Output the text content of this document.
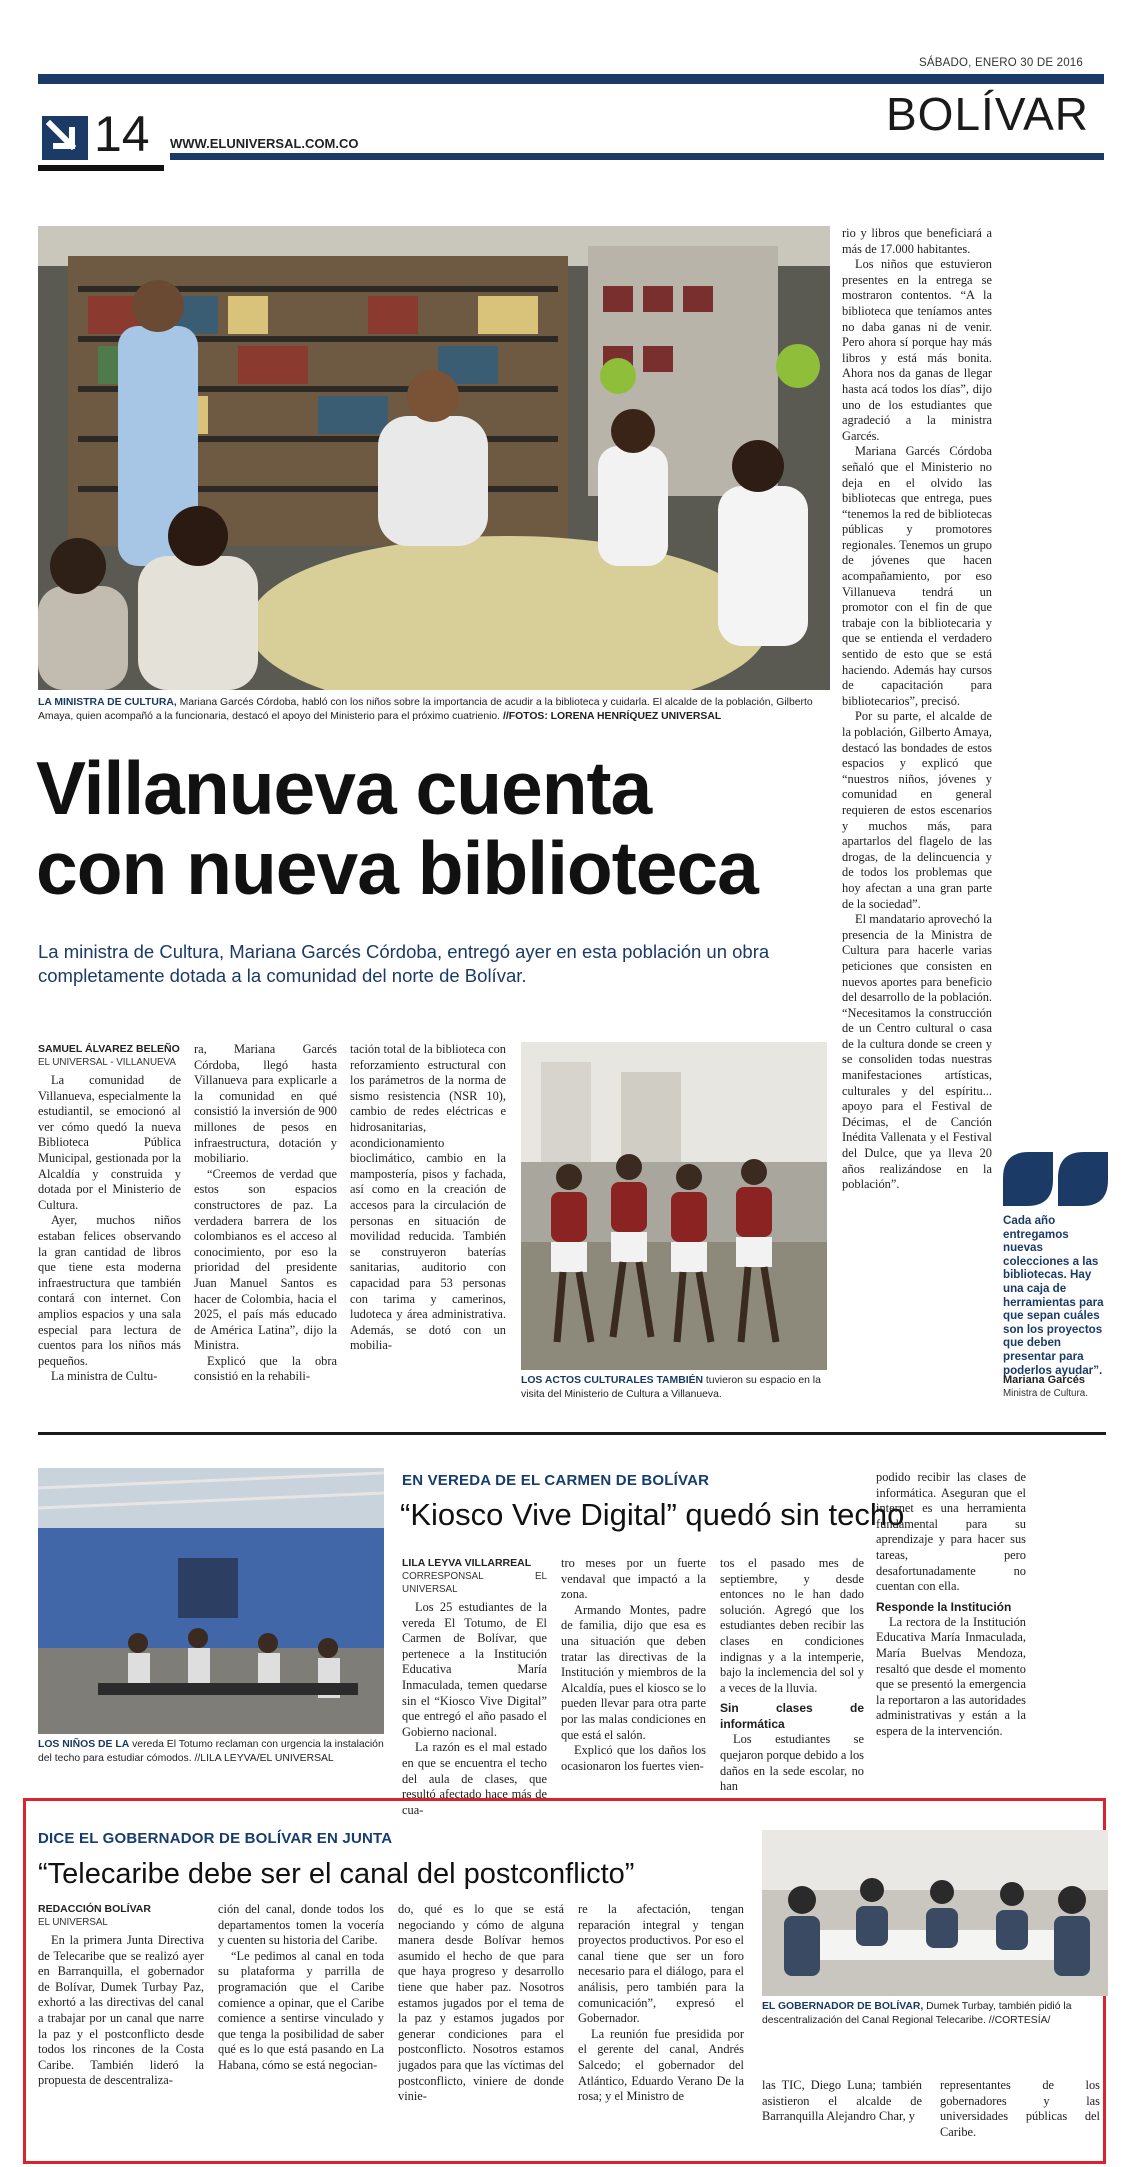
SÁBADO, ENERO 30 DE 2016
14 WWW.ELUNIVERSAL.COM.CO
BOLÍVAR
LA MINISTRA DE CULTURA, Mariana Garcés Córdoba, habló con los niños sobre la importancia de acudir a la biblioteca y cuidarla. El alcalde de la población, Gilberto Amaya, quien acompañó a la funcionaria, destacó el apoyo del Ministerio para el próximo cuatrienio. //FOTOS: LORENA HENRÍQUEZ UNIVERSAL
Villanueva cuenta
con nueva biblioteca
La ministra de Cultura, Mariana Garcés Córdoba, entregó ayer en esta población un obra completamente dotada a la comunidad del norte de Bolívar.
SAMUEL ÁLVAREZ BELEÑO
EL UNIVERSAL - VILLANUEVA

La comunidad de Villanueva, especialmente la estudiantil, se emocionó al ver cómo quedó la nueva Biblioteca Pública Municipal, gestionada por la Alcaldía y construida y dotada por el Ministerio de Cultura.

Ayer, muchos niños estaban felices observando la gran cantidad de libros que tiene esta moderna infraestructura que también contará con internet. Con amplios espacios y una sala especial para lectura de cuentos para los niños más pequeños.

La ministra de Cultu-

ra, Mariana Garcés Córdoba, llegó hasta Villanueva para explicarle a la comunidad en qué consistió la inversión de 900 millones de pesos en infraestructura, dotación y mobiliario.

“Creemos de verdad que estos son espacios constructores de paz. La verdadera barrera de los colombianos es el acceso al conocimiento, por eso la prioridad del presidente Juan Manuel Santos es hacer de Colombia, hacia el 2025, el país más educado de América Latina”, dijo la Ministra.

Explicó que la obra consistió en la rehabili-

tación total de la biblioteca con reforzamiento estructural con los parámetros de la norma de sismo resistencia (NSR 10), cambio de redes eléctricas e hidrosanitarias, acondicionamiento bioclimático, cambio en la mampostería, pisos y fachada, así como en la creación de accesos para la circulación de personas en situación de movilidad reducida. También se construyeron baterías sanitarias, auditorio con capacidad para 53 personas con tarima y camerinos, ludoteca y área administrativa. Además, se dotó con un mobilia-

LOS ACTOS CULTURALES TAMBIÉN tuvieron su espacio en la visita del Ministerio de Cultura a Villanueva.

rio y libros que beneficiará a más de 17.000 habitantes.

Los niños que estuvieron presentes en la entrega se mostraron contentos. “A la biblioteca que teníamos antes no daba ganas ni de venir. Pero ahora sí porque hay más libros y está más bonita. Ahora nos da ganas de llegar hasta acá todos los días”, dijo uno de los estudiantes que agradeció a la ministra Garcés.

Mariana Garcés Córdoba señaló que el Ministerio no deja en el olvido las bibliotecas que entrega, pues “tenemos la red de bibliotecas públicas y promotores regionales. Tenemos un grupo de jóvenes que hacen acompañamiento, por eso Villanueva tendrá un promotor con el fin de que trabaje con la bibliotecaria y que se entienda el verdadero sentido de esto que se está haciendo. Además hay cursos de capacitación para bibliotecarios”, precisó.

Por su parte, el alcalde de la población, Gilberto Amaya, destacó las bondades de estos espacios y explicó que “nuestros niños, jóvenes y comunidad en general requieren de estos escenarios y muchos más, para apartarlos del flagelo de las drogas, de la delincuencia y de todos los problemas que hoy afectan a una gran parte de la sociedad”.

El mandatario aprovechó la presencia de la Ministra de Cultura para hacerle varias peticiones que consisten en nuevos aportes para beneficio del desarrollo de la población. “Necesitamos la construcción de un Centro cultural o casa de la cultura donde se creen y se consoliden todas nuestras manifestaciones artísticas, culturales y del espíritu... apoyo para el Festival de Décimas, el de Canción Inédita Vallenata y el Festival del Dulce, que ya lleva 20 años realizándose en la población”.

Cada año entregamos nuevas colecciones a las bibliotecas. Hay una caja de herramientas para que sepan cuáles son los proyectos que deben presentar para poderlos ayudar”.
Mariana Garcés
Ministra de Cultura.
LOS NIÑOS DE LA vereda El Totumo reclaman con urgencia la instalación del techo para estudiar cómodos. //LILA LEYVA/EL UNIVERSAL
EN VEREDA DE EL CARMEN DE BOLÍVAR
“Kiosco Vive Digital” quedó sin techo
LILA LEYVA VILLARREAL
CORRESPONSAL EL UNIVERSAL

Los 25 estudiantes de la vereda El Totumo, de El Carmen de Bolívar, que pertenece a la Institución Educativa María Inmaculada, temen quedarse sin el “Kiosco Vive Digital” que entregó el año pasado el Gobierno nacional.

La razón es el mal estado en que se encuentra el techo del aula de clases, que resultó afectado hace más de cua-

tro meses por un fuerte vendaval que impactó a la zona.

Armando Montes, padre de familia, dijo que esa es una situación que deben tratar las directivas de la Institución y miembros de la Alcaldía, pues el kiosco se lo pueden llevar para otra parte por las malas condiciones en que está el salón.

Explicó que los daños los ocasionaron los fuertes vien-

tos el pasado mes de septiembre, y desde entonces no le han dado solución. Agregó que los estudiantes deben recibir las clases en condiciones indignas y a la intemperie, bajo la inclemencia del sol y a veces de la lluvia.

Sin clases de informática

Los estudiantes se quejaron porque debido a los daños en la sede escolar, no han

podido recibir las clases de informática. Aseguran que el internet es una herramienta fundamental para su aprendizaje y para hacer sus tareas, pero desafortunadamente no cuentan con ella.

Responde la Institución

La rectora de la Institución Educativa María Inmaculada, María Buelvas Mendoza, resaltó que desde el momento que se presentó la emergencia la reportaron a las autoridades administrativas y están a la espera de la intervención.

DICE EL GOBERNADOR DE BOLÍVAR EN JUNTA
“Telecaribe debe ser el canal del postconflicto”
REDACCIÓN BOLÍVAR
EL UNIVERSAL

En la primera Junta Directiva de Telecaribe que se realizó ayer en Barranquilla, el gobernador de Bolívar, Dumek Turbay Paz, exhortó a las directivas del canal a trabajar por un canal que narre la paz y el postconflicto desde todos los rincones de la Costa Caribe. También lideró la propuesta de descentraliza-

ción del canal, donde todos los departamentos tomen la vocería y cuenten su historia del Caribe.

“Le pedimos al canal en toda su plataforma y parrilla de programación que el Caribe comience a opinar, que el Caribe comience a sentirse vinculado y que tenga la posibilidad de saber qué es lo que está pasando en La Habana, cómo se está negocian-

do, qué es lo que se está negociando y cómo de alguna manera desde Bolívar hemos asumido el hecho de que para que haya progreso y desarrollo tiene que haber paz. Nosotros estamos jugados por el tema de la paz y estamos jugados por generar condiciones para el postconflicto. Nosotros estamos jugados para que las víctimas del postconflicto, viniere de donde vinie-

re la afectación, tengan reparación integral y tengan proyectos productivos. Por eso el canal tiene que ser un foro necesario para el diálogo, para el análisis, pero también para la comunicación”, expresó el Gobernador.

La reunión fue presidida por el gerente del canal, Andrés Salcedo; el gobernador del Atlántico, Eduardo Verano De la rosa; y el Ministro de

EL GOBERNADOR DE BOLÍVAR, Dumek Turbay, también pidió la descentralización del Canal Regional Telecaribe. //CORTESÍA/

las TIC, Diego Luna; también asistieron el alcalde de Barranquilla Alejandro Char, y

representantes de los gobernadores y las universidades públicas del Caribe.
